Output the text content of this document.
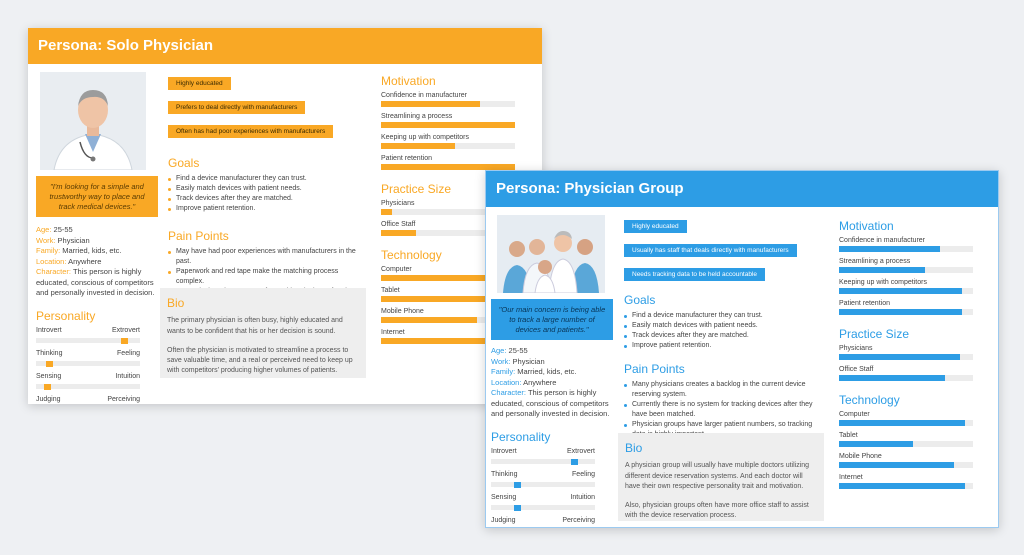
Persona: Solo Physician
"I'm looking for a simple and trustworthy way to place and track medical devices."
Age: 25-55
Work: Physician
Family: Married, kids, etc.
Location: Anywhere
Character: This person is highly educated, conscious of competitors and personally invested in decision.
Personality
Introvert	Extrovert
Thinking	Feeling
Sensing	Intuition
Judging	Perceiving
Highly educated
Prefers to deal directly with manufacturers
Often has had poor experiences with manufacturers
Goals
Find a device manufacturer they can trust.
Easily match devices with patient needs.
Track devices after they are matched.
Improve patient retention.
Pain Points
May have had poor experiences with manufacturers in the past.
Paperwork and red tape make the matching process complex.
Bio

The primary physician is often busy, highly educated and wants to be confident that his or her decision is sound.

Often the physician is motivated to streamline a process to save valuable time, and a real or perceived need to keep up with competitors' producing higher volumes of patients.

Motivation
Confidence in manufacturer
Streamlining a process
Keeping up with competitors
Patient retention
Practice Size
Physicians
Office Staff
Technology
Computer
Tablet
Mobile Phone
Internet
Persona: Physician Group
"Our main concern is being able to track a large number of devices and patients."
Age: 25-55
Work: Physician
Family: Married, kids, etc.
Location: Anywhere
Character: This person is highly educated, conscious of competitors and personally invested in decision.
Personality
Introvert	Extrovert
Thinking	Feeling
Sensing	Intuition
Judging	Perceiving
Highly educated
Usually has staff that deals directly with manufacturers
Needs tracking data to be held accountable
Goals
Find a device manufacturer they can trust.
Easily match devices with patient needs.
Track devices after they are matched.
Improve patient retention.
Pain Points
Many physicians creates a backlog in the current device reserving system.
Currently there is no system for tracking devices after they have been matched.
Physician groups have larger patient numbers, so tracking
Bio

A physician group will usually have multiple doctors utilizing different device reservation systems. And each doctor will have their own respective personality trait and motivation.

Also, physician groups often have more office staff to assist with the device reservation process.

Motivation
Confidence in manufacturer
Streamlining a process
Keeping up with competitors
Patient retention
Practice Size
Physicians
Office Staff
Technology
Computer
Tablet
Mobile Phone
Internet
